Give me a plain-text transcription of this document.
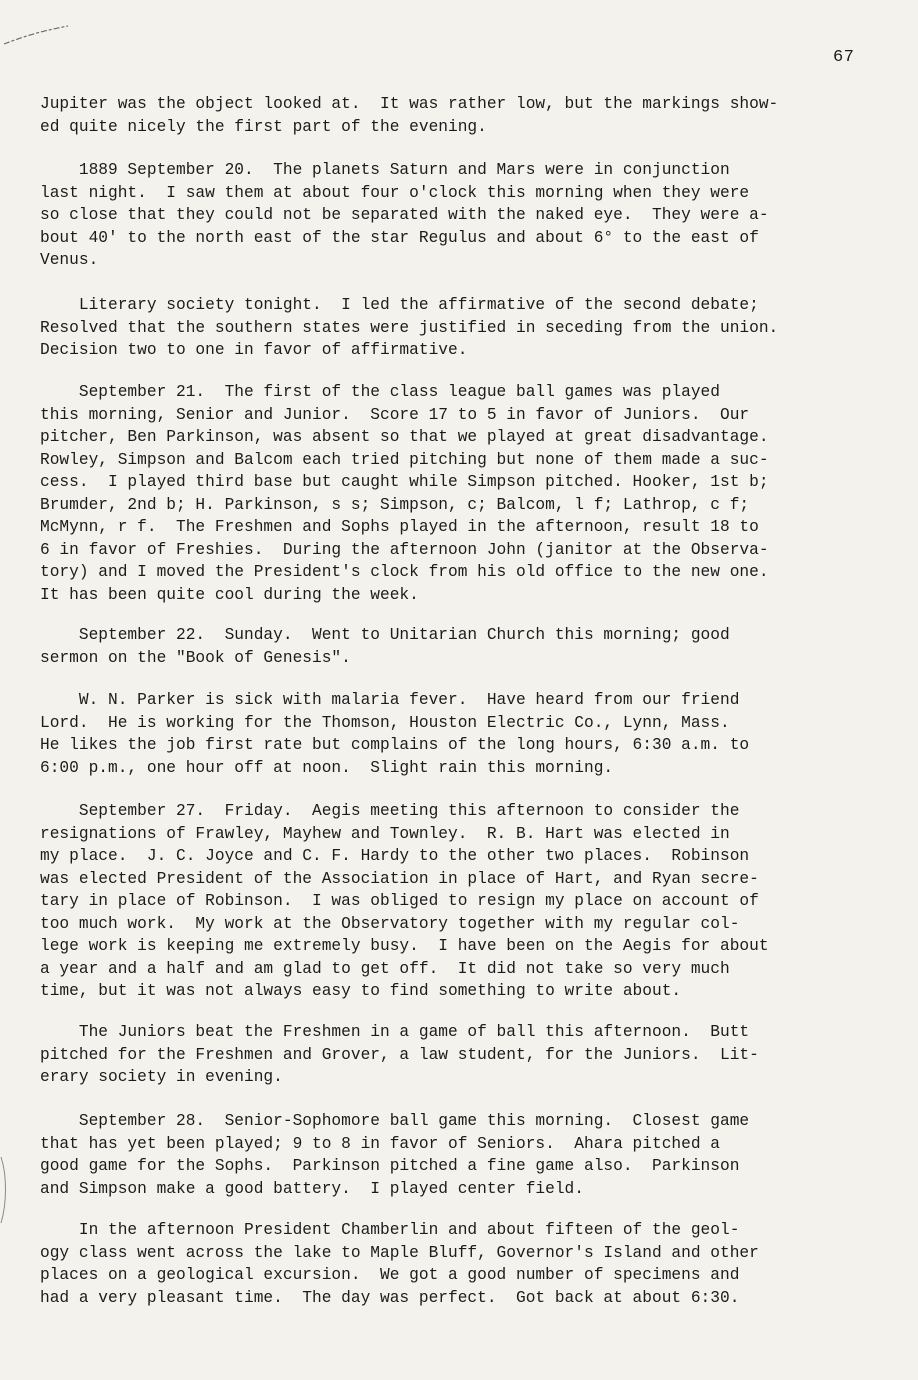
67

Jupiter was the object looked at.  It was rather low, but the markings show-
ed quite nicely the first part of the evening.

1889 September 20.  The planets Saturn and Mars were in conjunction
last night.  I saw them at about four o'clock this morning when they were
so close that they could not be separated with the naked eye.  They were a-
bout 40' to the north east of the star Regulus and about 6° to the east of
Venus.

Literary society tonight.  I led the affirmative of the second debate;
Resolved that the southern states were justified in seceding from the union.
Decision two to one in favor of affirmative.

September 21.  The first of the class league ball games was played
this morning, Senior and Junior.  Score 17 to 5 in favor of Juniors.  Our
pitcher, Ben Parkinson, was absent so that we played at great disadvantage.
Rowley, Simpson and Balcom each tried pitching but none of them made a suc-
cess.  I played third base but caught while Simpson pitched. Hooker, 1st b;
Brumder, 2nd b; H. Parkinson, s s; Simpson, c; Balcom, l f; Lathrop, c f;
McMynn, r f.  The Freshmen and Sophs played in the afternoon, result 18 to
6 in favor of Freshies.  During the afternoon John (janitor at the Observa-
tory) and I moved the President's clock from his old office to the new one.
It has been quite cool during the week.

September 22.  Sunday.  Went to Unitarian Church this morning; good
sermon on the "Book of Genesis".

W. N. Parker is sick with malaria fever.  Have heard from our friend
Lord.  He is working for the Thomson, Houston Electric Co., Lynn, Mass.
He likes the job first rate but complains of the long hours, 6:30 a.m. to
6:00 p.m., one hour off at noon.  Slight rain this morning.

September 27.  Friday.  Aegis meeting this afternoon to consider the
resignations of Frawley, Mayhew and Townley.  R. B. Hart was elected in
my place.  J. C. Joyce and C. F. Hardy to the other two places.  Robinson
was elected President of the Association in place of Hart, and Ryan secre-
tary in place of Robinson.  I was obliged to resign my place on account of
too much work.  My work at the Observatory together with my regular col-
lege work is keeping me extremely busy.  I have been on the Aegis for about
a year and a half and am glad to get off.  It did not take so very much
time, but it was not always easy to find something to write about.

The Juniors beat the Freshmen in a game of ball this afternoon.  Butt
pitched for the Freshmen and Grover, a law student, for the Juniors.  Lit-
erary society in evening.

September 28.  Senior-Sophomore ball game this morning.  Closest game
that has yet been played; 9 to 8 in favor of Seniors.  Ahara pitched a
good game for the Sophs.  Parkinson pitched a fine game also.  Parkinson
and Simpson make a good battery.  I played center field.

In the afternoon President Chamberlin and about fifteen of the geol-
ogy class went across the lake to Maple Bluff, Governor's Island and other
places on a geological excursion.  We got a good number of specimens and
had a very pleasant time.  The day was perfect.  Got back at about 6:30.
